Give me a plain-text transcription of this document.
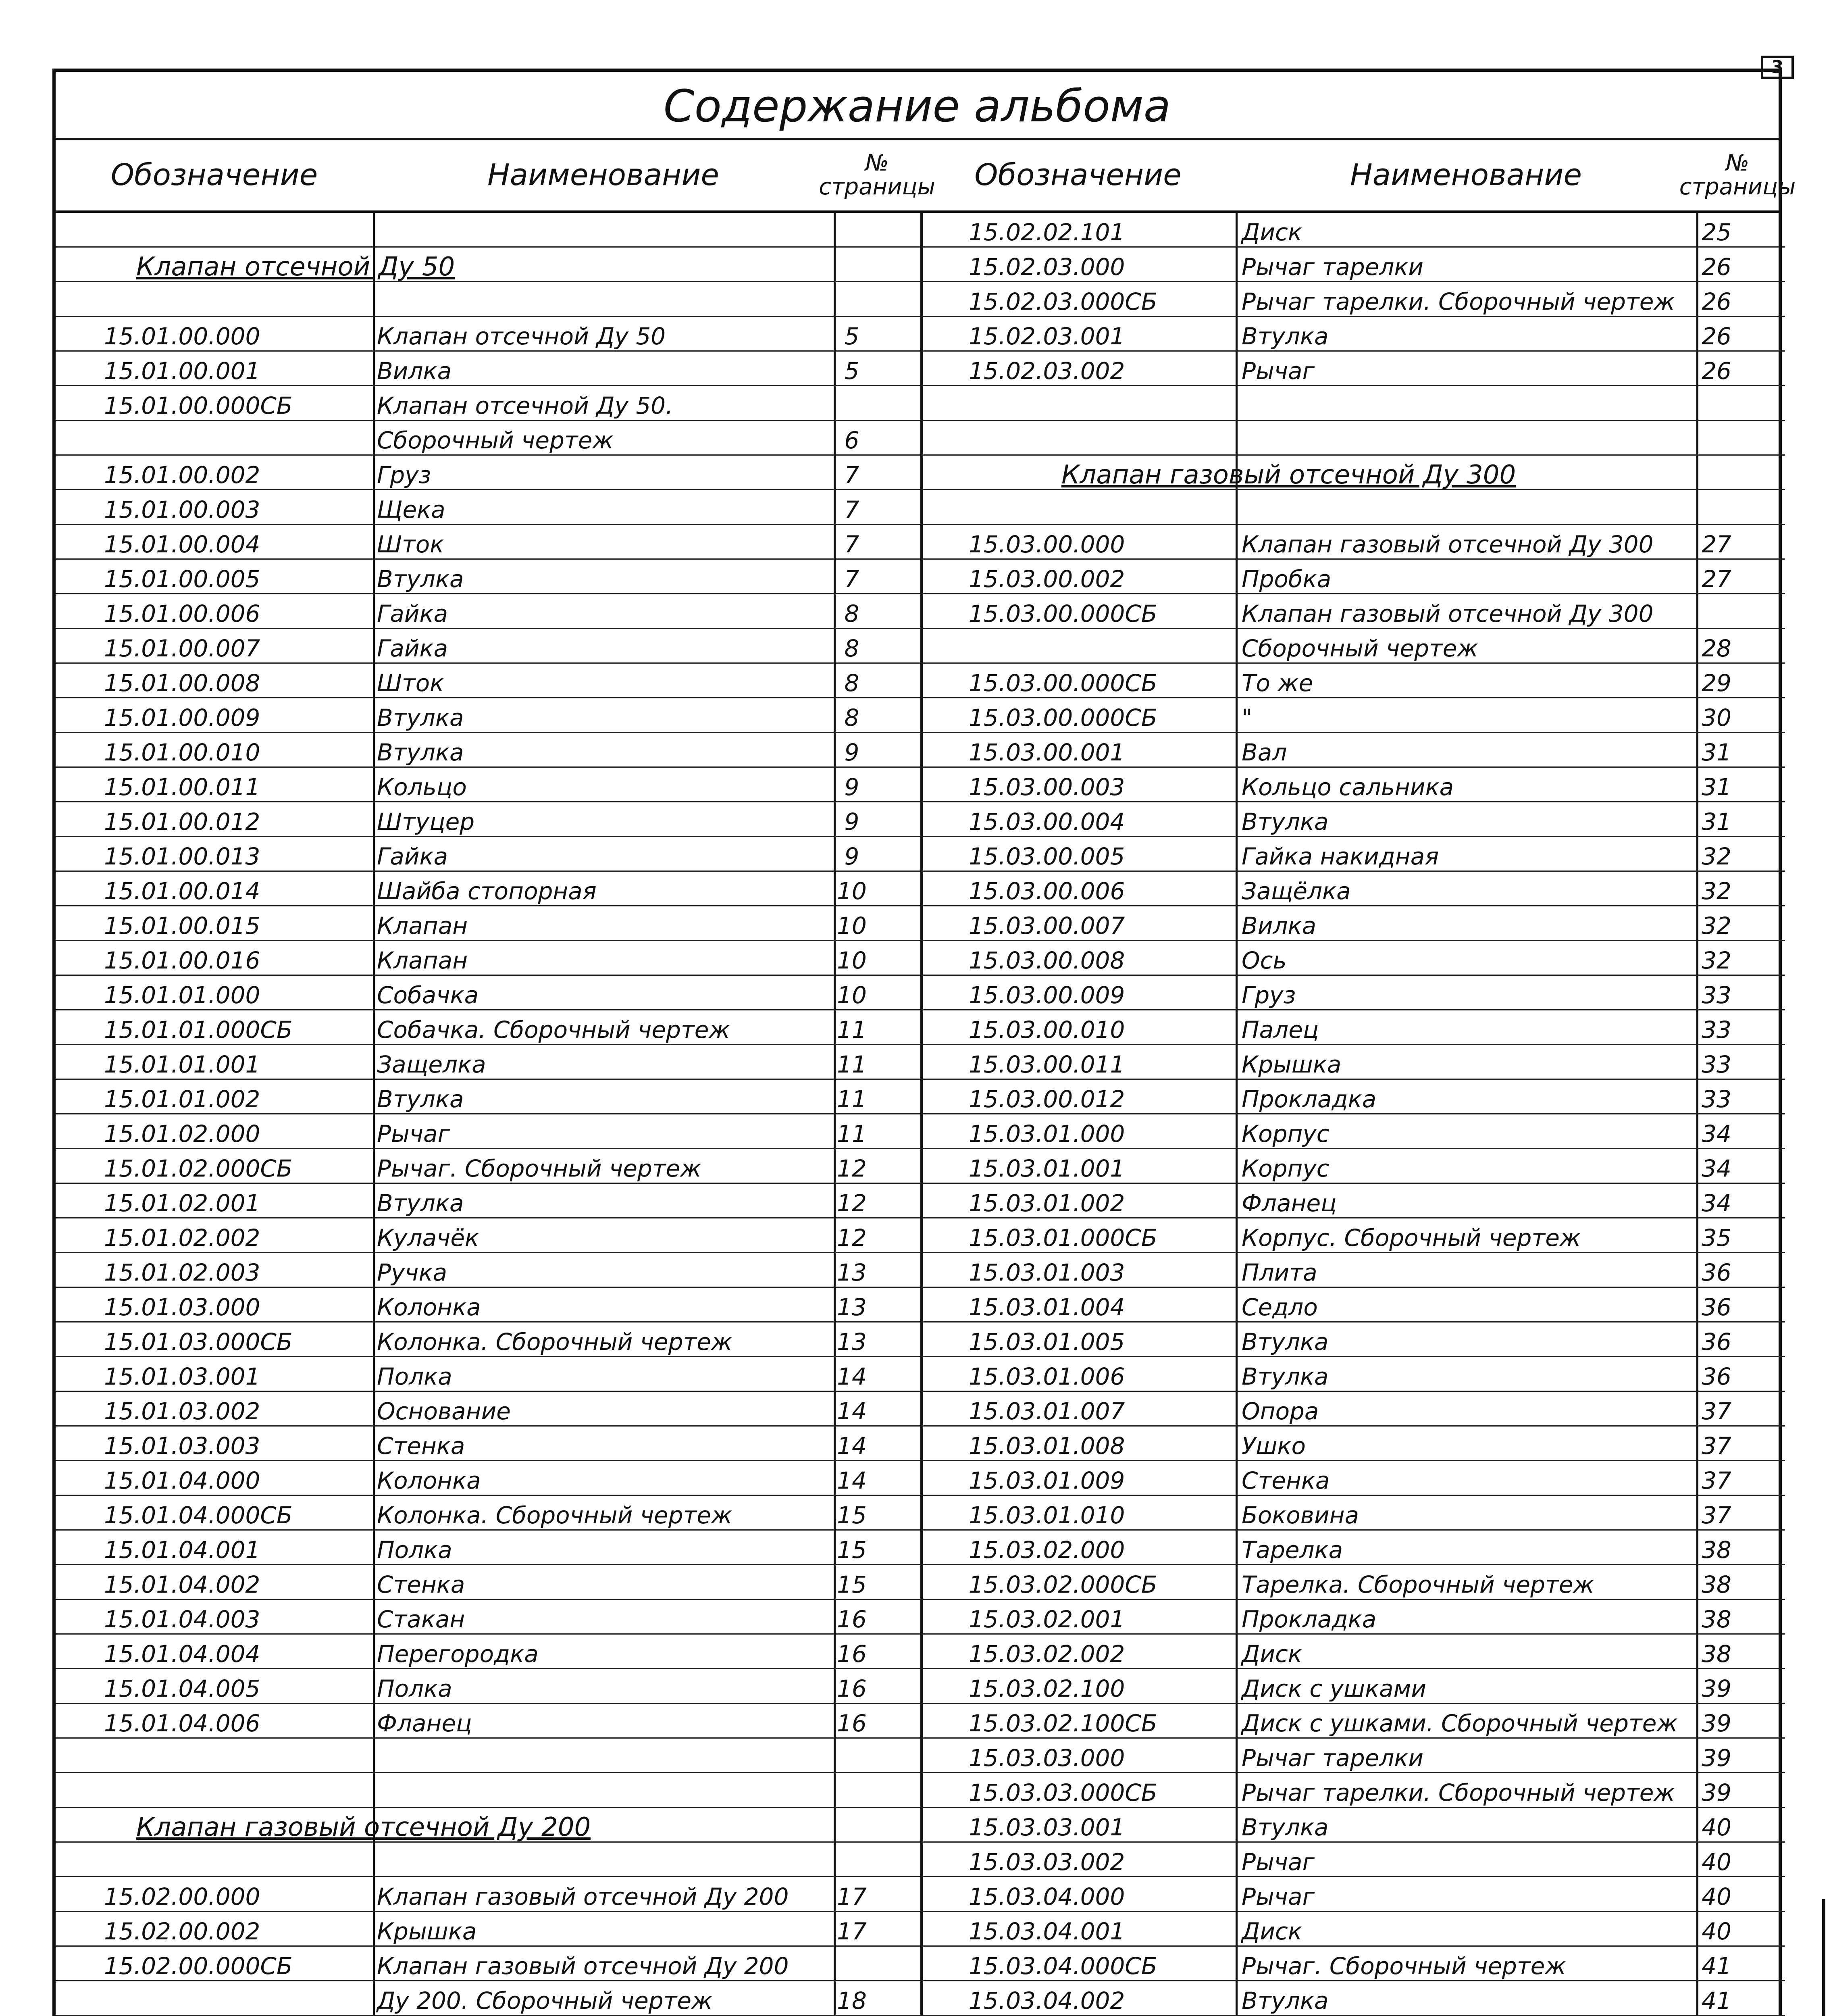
3
Содержание альбома
Обозначение	Наименование	№
страницы	Обозначение	Наименование	№
страницы
Клапан отсечной Ду 50
15.01.00.000	Клапан отсечной Ду 50	5
15.01.00.001	Вилка	5
15.01.00.000СБ	Клапан отсечной Ду 50.
Сборочный чертеж	6
15.01.00.002	Груз	7
15.01.00.003	Щека	7
15.01.00.004	Шток	7
15.01.00.005	Втулка	7
15.01.00.006	Гайка	8
15.01.00.007	Гайка	8
15.01.00.008	Шток	8
15.01.00.009	Втулка	8
15.01.00.010	Втулка	9
15.01.00.011	Кольцо	9
15.01.00.012	Штуцер	9
15.01.00.013	Гайка	9
15.01.00.014	Шайба стопорная	10
15.01.00.015	Клапан	10
15.01.00.016	Клапан	10
15.01.01.000	Собачка	10
15.01.01.000СБ	Собачка. Сборочный чертеж	11
15.01.01.001	Защелка	11
15.01.01.002	Втулка	11
15.01.02.000	Рычаг	11
15.01.02.000СБ	Рычаг. Сборочный чертеж	12
15.01.02.001	Втулка	12
15.01.02.002	Кулачёк	12
15.01.02.003	Ручка	13
15.01.03.000	Колонка	13
15.01.03.000СБ	Колонка. Сборочный чертеж	13
15.01.03.001	Полка	14
15.01.03.002	Основание	14
15.01.03.003	Стенка	14
15.01.04.000	Колонка	14
15.01.04.000СБ	Колонка. Сборочный чертеж	15
15.01.04.001	Полка	15
15.01.04.002	Стенка	15
15.01.04.003	Стакан	16
15.01.04.004	Перегородка	16
15.01.04.005	Полка	16
15.01.04.006	Фланец	16
Клапан газовый отсечной Ду 200
15.02.00.000	Клапан газовый отсечной Ду 200	17
15.02.00.002	Крышка	17
15.02.00.000СБ	Клапан газовый отсечной Ду 200
Ду 200. Сборочный чертеж	18
15.02.02.101	Диск	25
15.02.03.000	Рычаг тарелки	26
15.02.03.000СБ	Рычаг тарелки. Сборочный чертеж	26
15.02.03.001	Втулка	26
15.02.03.002	Рычаг	26
Клапан газовый отсечной Ду 300
15.03.00.000	Клапан газовый отсечной Ду 300	27
15.03.00.002	Пробка	27
15.03.00.000СБ	Клапан газовый отсечной Ду 300
Сборочный чертеж	28
15.03.00.000СБ	То же	29
15.03.00.000СБ	"	30
15.03.00.001	Вал	31
15.03.00.003	Кольцо сальника	31
15.03.00.004	Втулка	31
15.03.00.005	Гайка накидная	32
15.03.00.006	Защёлка	32
15.03.00.007	Вилка	32
15.03.00.008	Ось	32
15.03.00.009	Груз	33
15.03.00.010	Палец	33
15.03.00.011	Крышка	33
15.03.00.012	Прокладка	33
15.03.01.000	Корпус	34
15.03.01.001	Корпус	34
15.03.01.002	Фланец	34
15.03.01.000СБ	Корпус. Сборочный чертеж	35
15.03.01.003	Плита	36
15.03.01.004	Седло	36
15.03.01.005	Втулка	36
15.03.01.006	Втулка	36
15.03.01.007	Опора	37
15.03.01.008	Ушко	37
15.03.01.009	Стенка	37
15.03.01.010	Боковина	37
15.03.02.000	Тарелка	38
15.03.02.000СБ	Тарелка. Сборочный чертеж	38
15.03.02.001	Прокладка	38
15.03.02.002	Диск	38
15.03.02.100	Диск с ушками	39
15.03.02.100СБ	Диск с ушками. Сборочный чертеж	39
15.03.03.000	Рычаг тарелки	39
15.03.03.000СБ	Рычаг тарелки. Сборочный чертеж	39
15.03.03.001	Втулка	40
15.03.03.002	Рычаг	40
15.03.04.000	Рычаг	40
15.03.04.001	Диск	40
15.03.04.000СБ	Рычаг. Сборочный чертеж	41
15.03.04.002	Втулка	41
